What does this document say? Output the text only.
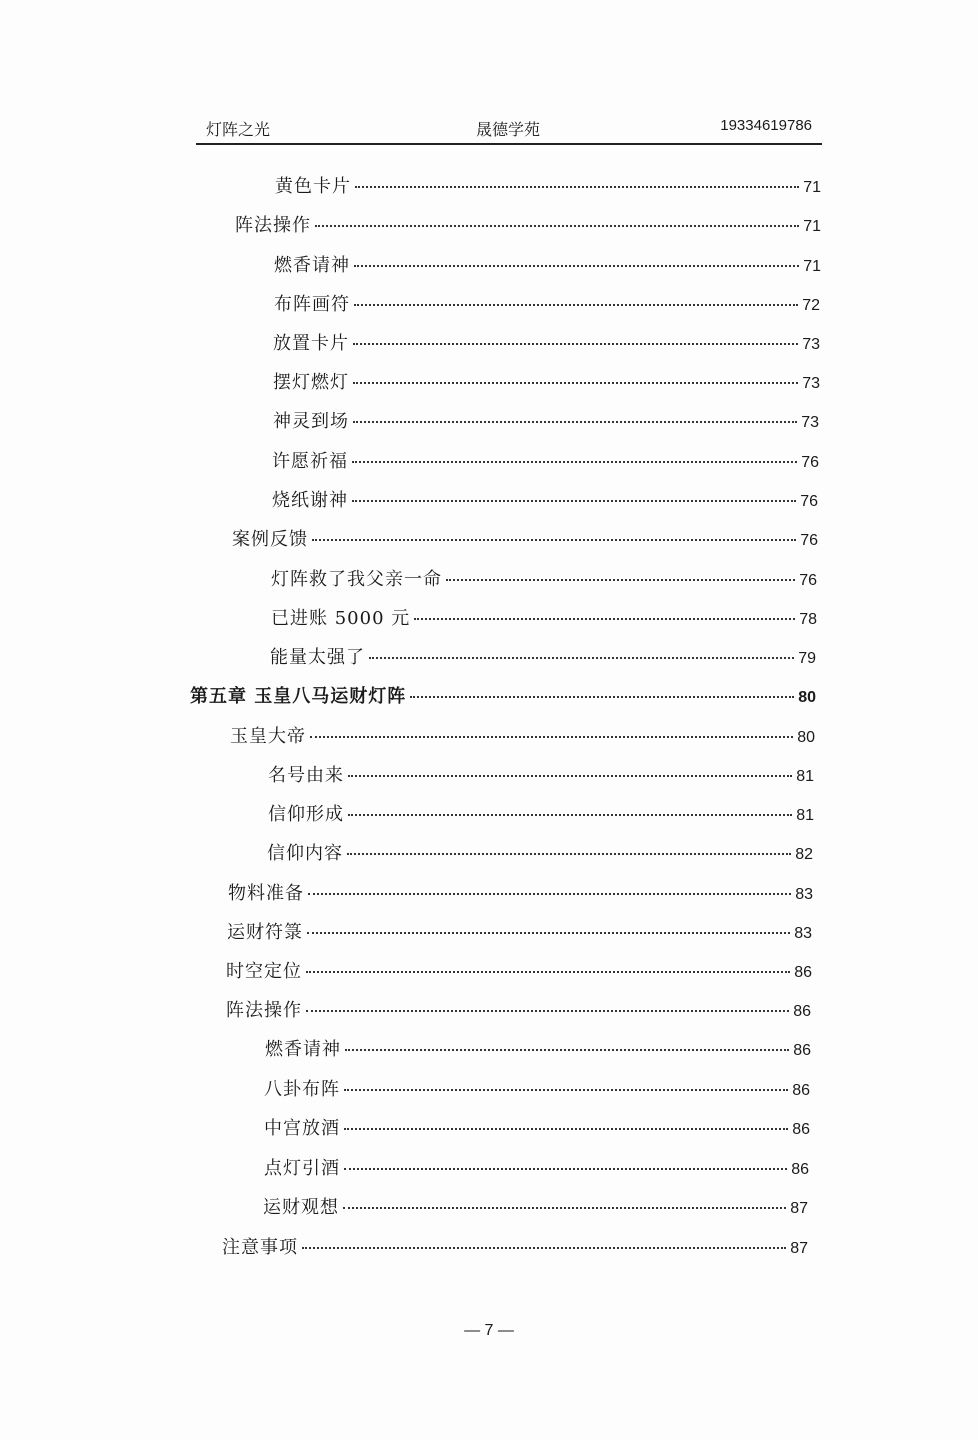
灯阵之光	晟德学苑	19334619786
黄色卡片	71
阵法操作	71
燃香请神	71
布阵画符	72
放置卡片	73
摆灯燃灯	73
神灵到场	73
许愿祈福	76
烧纸谢神	76
案例反馈	76
灯阵救了我父亲一命	76
已进账 5000 元	78
能量太强了	79
第五章 玉皇八马运财灯阵	80
玉皇大帝	80
名号由来	81
信仰形成	81
信仰内容	82
物料准备	83
运财符箓	83
时空定位	86
阵法操作	86
燃香请神	86
八卦布阵	86
中宫放酒	86
点灯引酒	86
运财观想	87
注意事项	87
— 7 —
